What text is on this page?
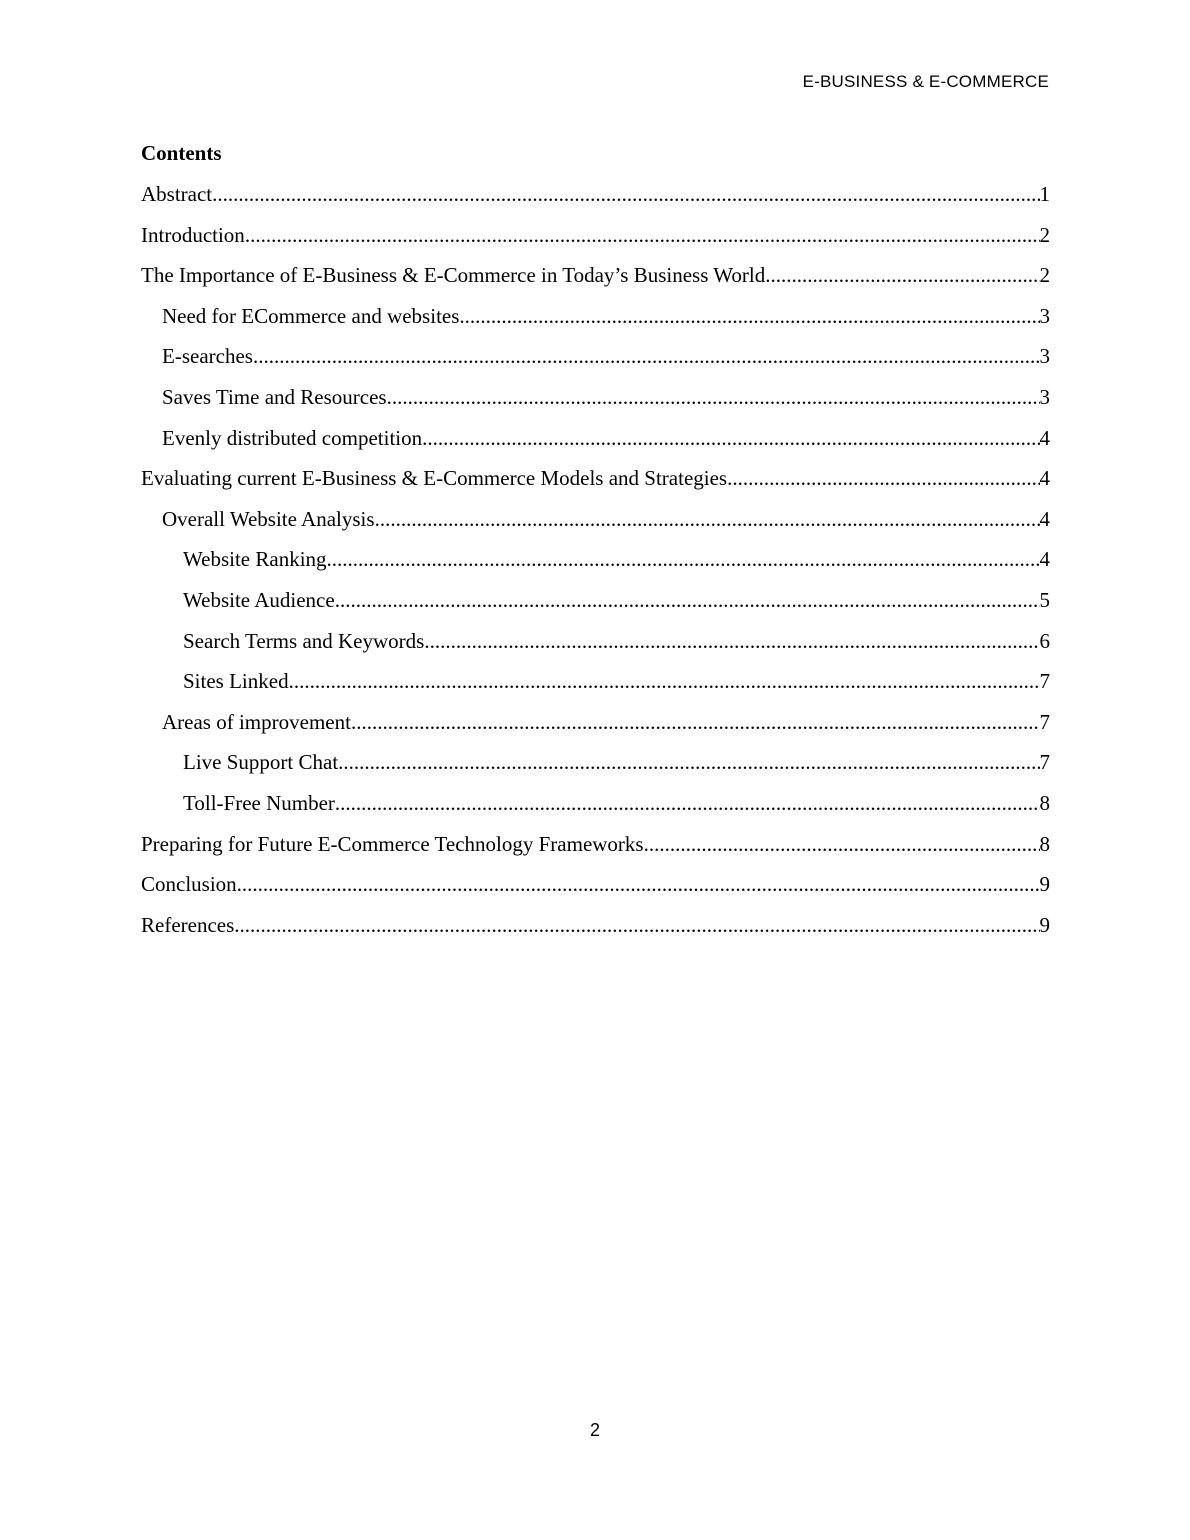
E-BUSINESS & E-COMMERCE
Contents
Abstract .....	1
Introduction .....	2
The Importance of E-Business & E-Commerce in Today’s Business World .....	2
Need for ECommerce and websites .....	3
E-searches .....	3
Saves Time and Resources .....	3
Evenly distributed competition .....	4
Evaluating current E-Business & E-Commerce Models and Strategies .....	4
Overall Website Analysis .....	4
Website Ranking .....	4
Website Audience .....	5
Search Terms and Keywords .....	6
Sites Linked .....	7
Areas of improvement .....	7
Live Support Chat .....	7
Toll-Free Number .....	8
Preparing for Future E-Commerce Technology Frameworks .....	8
Conclusion .....	9
References .....	9
2
